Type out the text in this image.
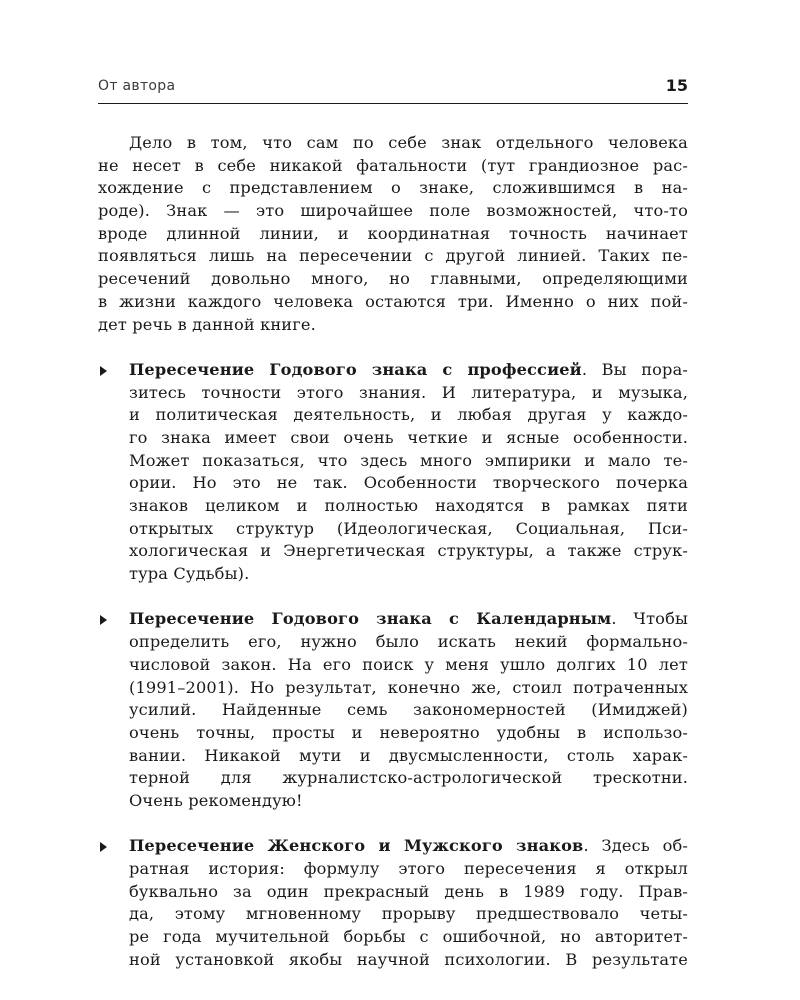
От автора	15
Дело в том, что сам по себе знак отдельного человека
не несет в себе никакой фатальности (тут грандиозное рас-
хождение с представлением о знаке, сложившимся в на-
роде). Знак — это широчайшее поле возможностей, что-то
вроде длинной линии, и координатная точность начинает
появляться лишь на пересечении с другой линией. Таких пе-
ресечений довольно много, но главными, определяющими
в жизни каждого человека остаются три. Именно о них пой-
дет речь в данной книге.
Пересечение Годового знака с профессией. Вы пора-
зитесь точности этого знания. И литература, и музыка,
и политическая деятельность, и любая другая у каждо-
го знака имеет свои очень четкие и ясные особенности.
Может показаться, что здесь много эмпирики и мало те-
ории. Но это не так. Особенности творческого почерка
знаков целиком и полностью находятся в рамках пяти
открытых структур (Идеологическая, Социальная, Пси-
хологическая и Энергетическая структуры, а также струк-
тура Судьбы).
Пересечение Годового знака с Календарным. Чтобы
определить его, нужно было искать некий формально-
числовой закон. На его поиск у меня ушло долгих 10 лет
(1991–2001). Но результат, конечно же, стоил потраченных
усилий. Найденные семь закономерностей (Имиджей)
очень точны, просты и невероятно удобны в использо-
вании. Никакой мути и двусмысленности, столь харак-
терной для журналистско-астрологической трескотни.
Очень рекомендую!
Пересечение Женского и Мужского знаков. Здесь об-
ратная история: формулу этого пересечения я открыл
буквально за один прекрасный день в 1989 году. Прав-
да, этому мгновенному прорыву предшествовало четы-
ре года мучительной борьбы с ошибочной, но авторитет-
ной установкой якобы научной психологии. В результате
